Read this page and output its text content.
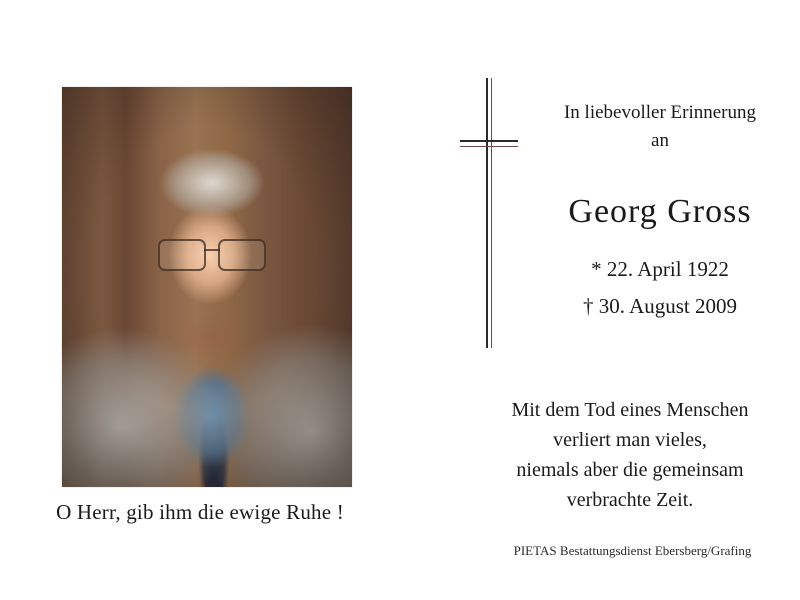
O Herr, gib ihm die ewige Ruhe !
In liebevoller Erinnerung
an
Georg Gross
* 22. April 1922
† 30. August 2009
Mit dem Tod eines Menschen
verliert man vieles,
niemals aber die gemeinsam
verbrachte Zeit.
PIETAS Bestattungsdienst Ebersberg/Grafing
